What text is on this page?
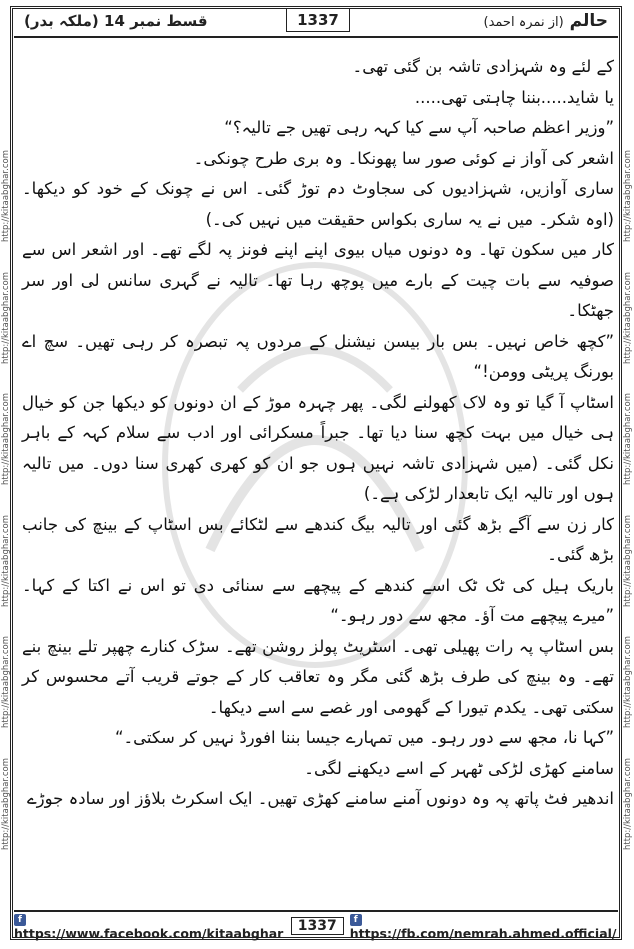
قسط نمبر 14 (ملکہ بدر)	حالم (از نمرہ احمد)
1337
http://kitaabghar.com
http://kitaabghar.com
http://kitaabghar.com
http://kitaabghar.com
http://kitaabghar.com
http://kitaabghar.com
http://kitaabghar.com
http://kitaabghar.com
http://kitaabghar.com
http://kitaabghar.com
http://kitaabghar.com
http://kitaabghar.com

کے لئے وہ شہزادی تاشہ بن گئی تھی۔

یا شاید.....بننا چاہتی تھی.....

”وزیر اعظم صاحبہ آپ سے کیا کہہ رہی تھیں جے تالیہ؟“

اشعر کی آواز نے کوئی صور سا پھونکا۔ وہ بری طرح چونکی۔

ساری آوازیں، شہزادیوں کی سجاوٹ دم توڑ گئی۔ اس نے چونک کے خود کو دیکھا۔ (اوہ شکر۔ میں نے یہ ساری بکواس حقیقت میں نہیں کی۔)

کار میں سکون تھا۔ وہ دونوں میاں بیوی اپنے اپنے فونز پہ لگے تھے۔ اور اشعر اس سے صوفیہ سے بات چیت کے بارے میں پوچھ رہا تھا۔ تالیہ نے گہری سانس لی اور سر جھٹکا۔

”کچھ خاص نہیں۔ بس بار بیسن نیشنل کے مردوں پہ تبصرہ کر رہی تھیں۔ سچ اے بورنگ پریٹی وومن!“

اسٹاپ آ گیا تو وہ لاک کھولنے لگی۔ پھر چہرہ موڑ کے ان دونوں کو دیکھا جن کو خیال ہی خیال میں بہت کچھ سنا دیا تھا۔ جبراً مسکرائی اور ادب سے سلام کہہ کے باہر نکل گئی۔ (میں شہزادی تاشہ نہیں ہوں جو ان کو کھری کھری سنا دوں۔ میں تالیہ ہوں اور تالیہ ایک تابعدار لڑکی ہے۔)

کار زن سے آگے بڑھ گئی اور تالیہ بیگ کندھے سے لٹکائے بس اسٹاپ کے بینچ کی جانب بڑھ گئی۔

باریک ہیل کی ٹک ٹک اسے کندھے کے پیچھے سے سنائی دی تو اس نے اکتا کے کہا۔ ”میرے پیچھے مت آؤ۔ مجھ سے دور رہو۔“

بس اسٹاپ پہ رات پھیلی تھی۔ اسٹریٹ پولز روشن تھے۔ سڑک کنارے چھپر تلے بینچ بنے تھے۔ وہ بینچ کی طرف بڑھ گئی مگر وہ تعاقب کار کے جوتے قریب آتے محسوس کر سکتی تھی۔ یکدم تیورا کے گھومی اور غصے سے اسے دیکھا۔

”کہا نا، مجھ سے دور رہو۔ میں تمہارے جیسا بننا افورڈ نہیں کر سکتی۔“

سامنے کھڑی لڑکی ٹھہر کے اسے دیکھنے لگی۔

اندھیر فٹ پاتھ پہ وہ دونوں آمنے سامنے کھڑی تھیں۔ ایک اسکرٹ بلاؤز اور سادہ جوڑے

fhttps://www.facebook.com/kitaabghar	1337	fhttps://fb.com/nemrah.ahmed.official/
